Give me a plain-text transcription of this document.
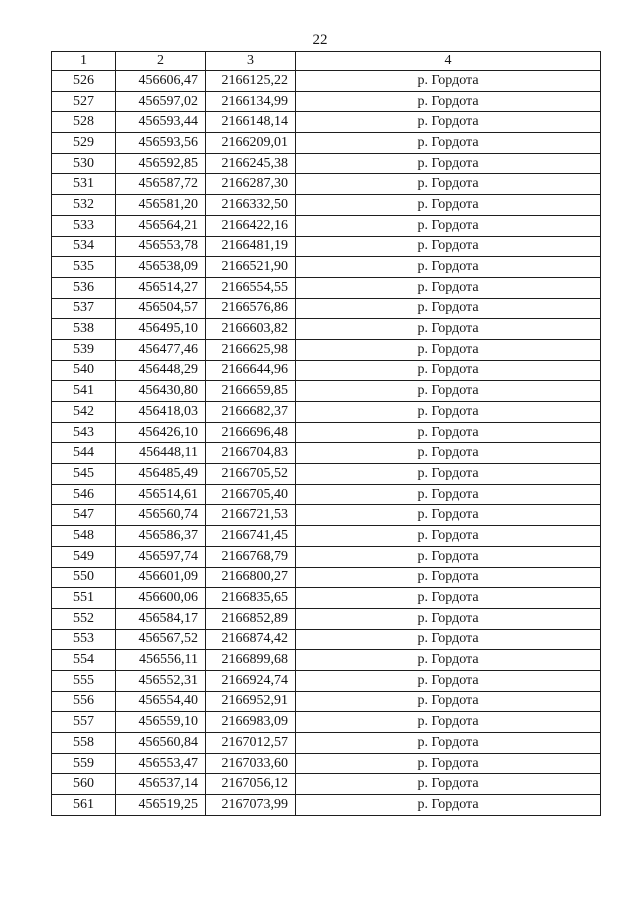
22
1	2	3	4
526	456606,47	2166125,22	р. Гордота
527	456597,02	2166134,99	р. Гордота
528	456593,44	2166148,14	р. Гордота
529	456593,56	2166209,01	р. Гордота
530	456592,85	2166245,38	р. Гордота
531	456587,72	2166287,30	р. Гордота
532	456581,20	2166332,50	р. Гордота
533	456564,21	2166422,16	р. Гордота
534	456553,78	2166481,19	р. Гордота
535	456538,09	2166521,90	р. Гордота
536	456514,27	2166554,55	р. Гордота
537	456504,57	2166576,86	р. Гордота
538	456495,10	2166603,82	р. Гордота
539	456477,46	2166625,98	р. Гордота
540	456448,29	2166644,96	р. Гордота
541	456430,80	2166659,85	р. Гордота
542	456418,03	2166682,37	р. Гордота
543	456426,10	2166696,48	р. Гордота
544	456448,11	2166704,83	р. Гордота
545	456485,49	2166705,52	р. Гордота
546	456514,61	2166705,40	р. Гордота
547	456560,74	2166721,53	р. Гордота
548	456586,37	2166741,45	р. Гордота
549	456597,74	2166768,79	р. Гордота
550	456601,09	2166800,27	р. Гордота
551	456600,06	2166835,65	р. Гордота
552	456584,17	2166852,89	р. Гордота
553	456567,52	2166874,42	р. Гордота
554	456556,11	2166899,68	р. Гордота
555	456552,31	2166924,74	р. Гордота
556	456554,40	2166952,91	р. Гордота
557	456559,10	2166983,09	р. Гордота
558	456560,84	2167012,57	р. Гордота
559	456553,47	2167033,60	р. Гордота
560	456537,14	2167056,12	р. Гордота
561	456519,25	2167073,99	р. Гордота
